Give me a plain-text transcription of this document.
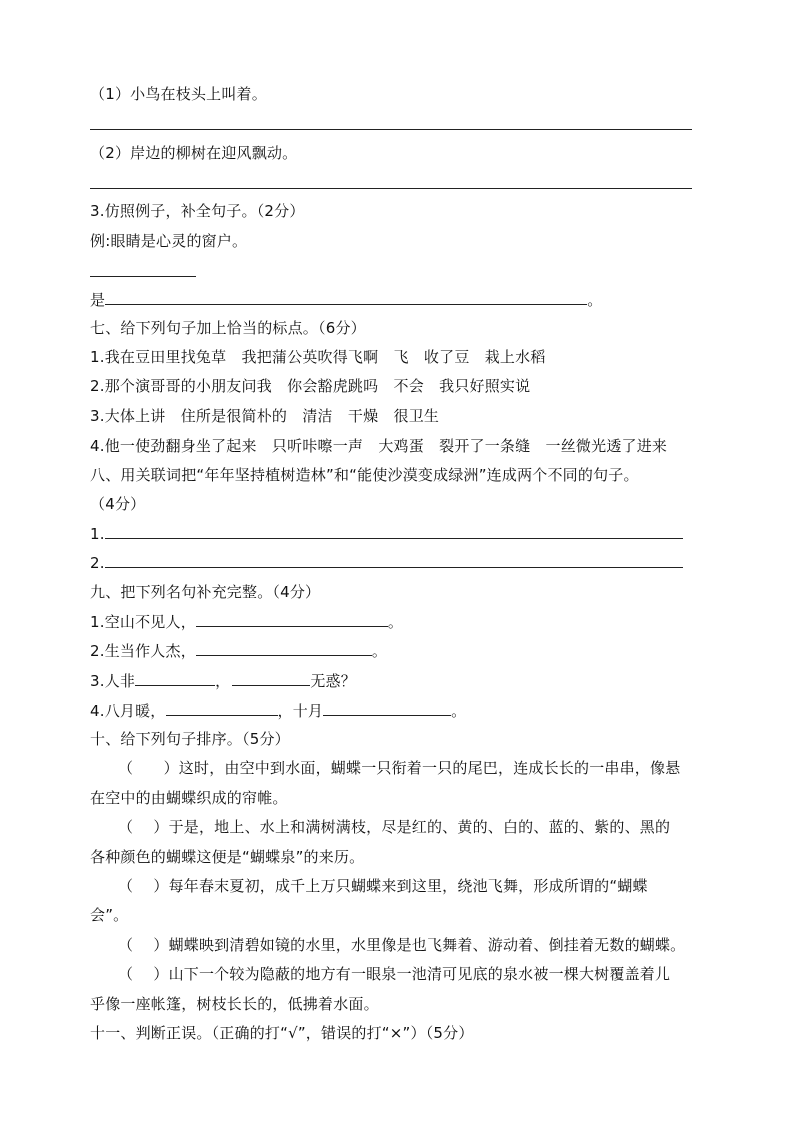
（1）小鸟在枝头上叫着。
（2）岸边的柳树在迎风飘动。
3.仿照例子，补全句子。（2分）
例:眼睛是心灵的窗户。
是	。
七、给下列句子加上恰当的标点。（6分）
1.我在豆田里找兔草　我把蒲公英吹得飞啊　飞　收了豆　栽上水稻
2.那个演哥哥的小朋友问我　你会豁虎跳吗　不会　我只好照实说
3.大体上讲　住所是很简朴的　清洁　干燥　很卫生
4.他一使劲翻身坐了起来　只听咔嚓一声　大鸡蛋　裂开了一条缝　一丝微光透了进来
八、用关联词把“年年坚持植树造林”和“能使沙漠变成绿洲”连成两个不同的句子。
（4分）
1.
2.
九、把下列名句补充完整。（4分）
1.空山不见人，	。
2.生当作人杰，	。
3.人非	，	无惑？
4.八月暖，	，十月	。
十、给下列句子排序。（5分）
（　　）这时，由空中到水面，蝴蝶一只衔着一只的尾巴，连成长长的一串串，像悬
在空中的由蝴蝶织成的帘帷。
（　 ）于是，地上、水上和满树满枝，尽是红的、黄的、白的、蓝的、紫的、黑的
各种颜色的蝴蝶这便是“蝴蝶泉”的来历。
（　 ）每年春末夏初，成千上万只蝴蝶来到这里，绕池飞舞，形成所谓的“蝴蝶
会”。
（　 ）蝴蝶映到清碧如镜的水里，水里像是也飞舞着、游动着、倒挂着无数的蝴蝶。
（　 ）山下一个较为隐蔽的地方有一眼泉一池清可见底的泉水被一棵大树覆盖着儿
乎像一座帐篷，树枝长长的，低拂着水面。
十一、判断正误。（正确的打“√”，错误的打“×”）（5分）
